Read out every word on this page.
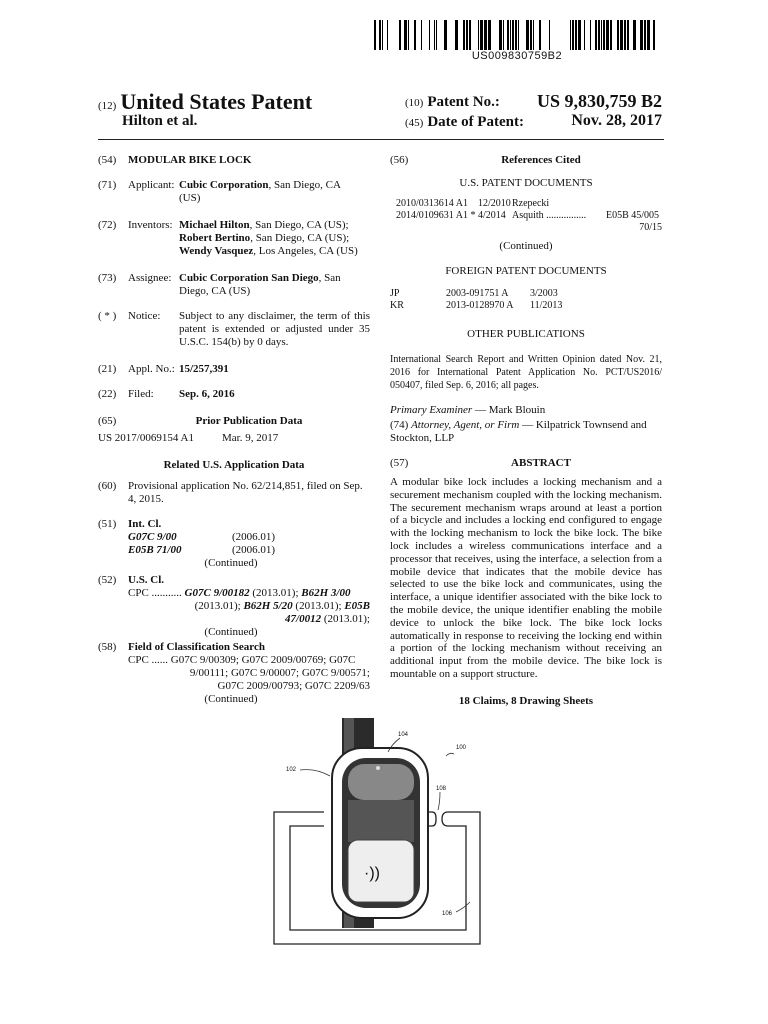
US009830759B2
(12) United States Patent
Hilton et al.
(10) Patent No.:	US 9,830,759 B2
(45) Date of Patent:	Nov. 28, 2017
(54)	MODULAR BIKE LOCK
(71)	Applicant: Cubic Corporation, San Diego, CA
(US)
(72)	Inventors: Michael Hilton, San Diego, CA (US);
Robert Bertino, San Diego, CA (US);
Wendy Vasquez, Los Angeles, CA (US)
(73)	Assignee: Cubic Corporation San Diego, San
Diego, CA (US)
( * )	Notice:	Subject to any disclaimer, the term of this patent is extended or adjusted under 35 U.S.C. 154(b) by 0 days.
(21)	Appl. No.: 15/257,391
(22)	Filed:	Sep. 6, 2016
(65)	Prior Publication Data
US 2017/0069154 A1	Mar. 9, 2017
Related U.S. Application Data
(60)	Provisional application No. 62/214,851, filed on Sep. 4, 2015.
(51)	Int. Cl.
G07C 9/00	(2006.01)
E05B 71/00	(2006.01)
(Continued)
(52)	U.S. Cl.
CPC ........... G07C 9/00182 (2013.01); B62H 3/00
(2013.01); B62H 5/20 (2013.01); E05B
47/0012 (2013.01);
(Continued)
(58)	Field of Classification Search
CPC ...... G07C 9/00309; G07C 2009/00769; G07C
9/00111; G07C 9/00007; G07C 9/00571;
G07C 2009/00793; G07C 2209/63
(Continued)
(56)	References Cited
U.S. PATENT DOCUMENTS
2010/0313614 A1	12/2010 Rzepecki
2014/0109631 A1 * 4/2014 Asquith ................	E05B 45/005
70/15
(Continued)
FOREIGN PATENT DOCUMENTS
JP	2003-091751 A	3/2003
KR	2013-0128970 A	11/2013
OTHER PUBLICATIONS
International Search Report and Written Opinion dated Nov. 21, 2016 for International Patent Application No. PCT/US2016/ 050407, filed Sep. 6, 2016; all pages.
Primary Examiner — Mark Blouin
(74) Attorney, Agent, or Firm — Kilpatrick Townsend and Stockton, LLP
(57)	ABSTRACT
A modular bike lock includes a locking mechanism and a securement mechanism coupled with the locking mechanism. The securement mechanism wraps around at least a portion of a bicycle and includes a locking end configured to engage with the locking mechanism to lock the bike lock. The bike lock includes a wireless communications interface and a processor that receives, using the interface, a selection from a mobile device that indicates that the mobile device has selected to use the bike lock and communicates, using the interface, a unique identifier associated with the bike lock to the mobile device, the unique identifier enabling the mobile device to unlock the bike lock. The bike lock locks automatically in response to receiving the locking end within a portion of the locking mechanism without receiving an additional input from the mobile device. The bike lock is mountable on a support structure.
18 Claims, 8 Drawing Sheets
·))
104
100
102
108
106
